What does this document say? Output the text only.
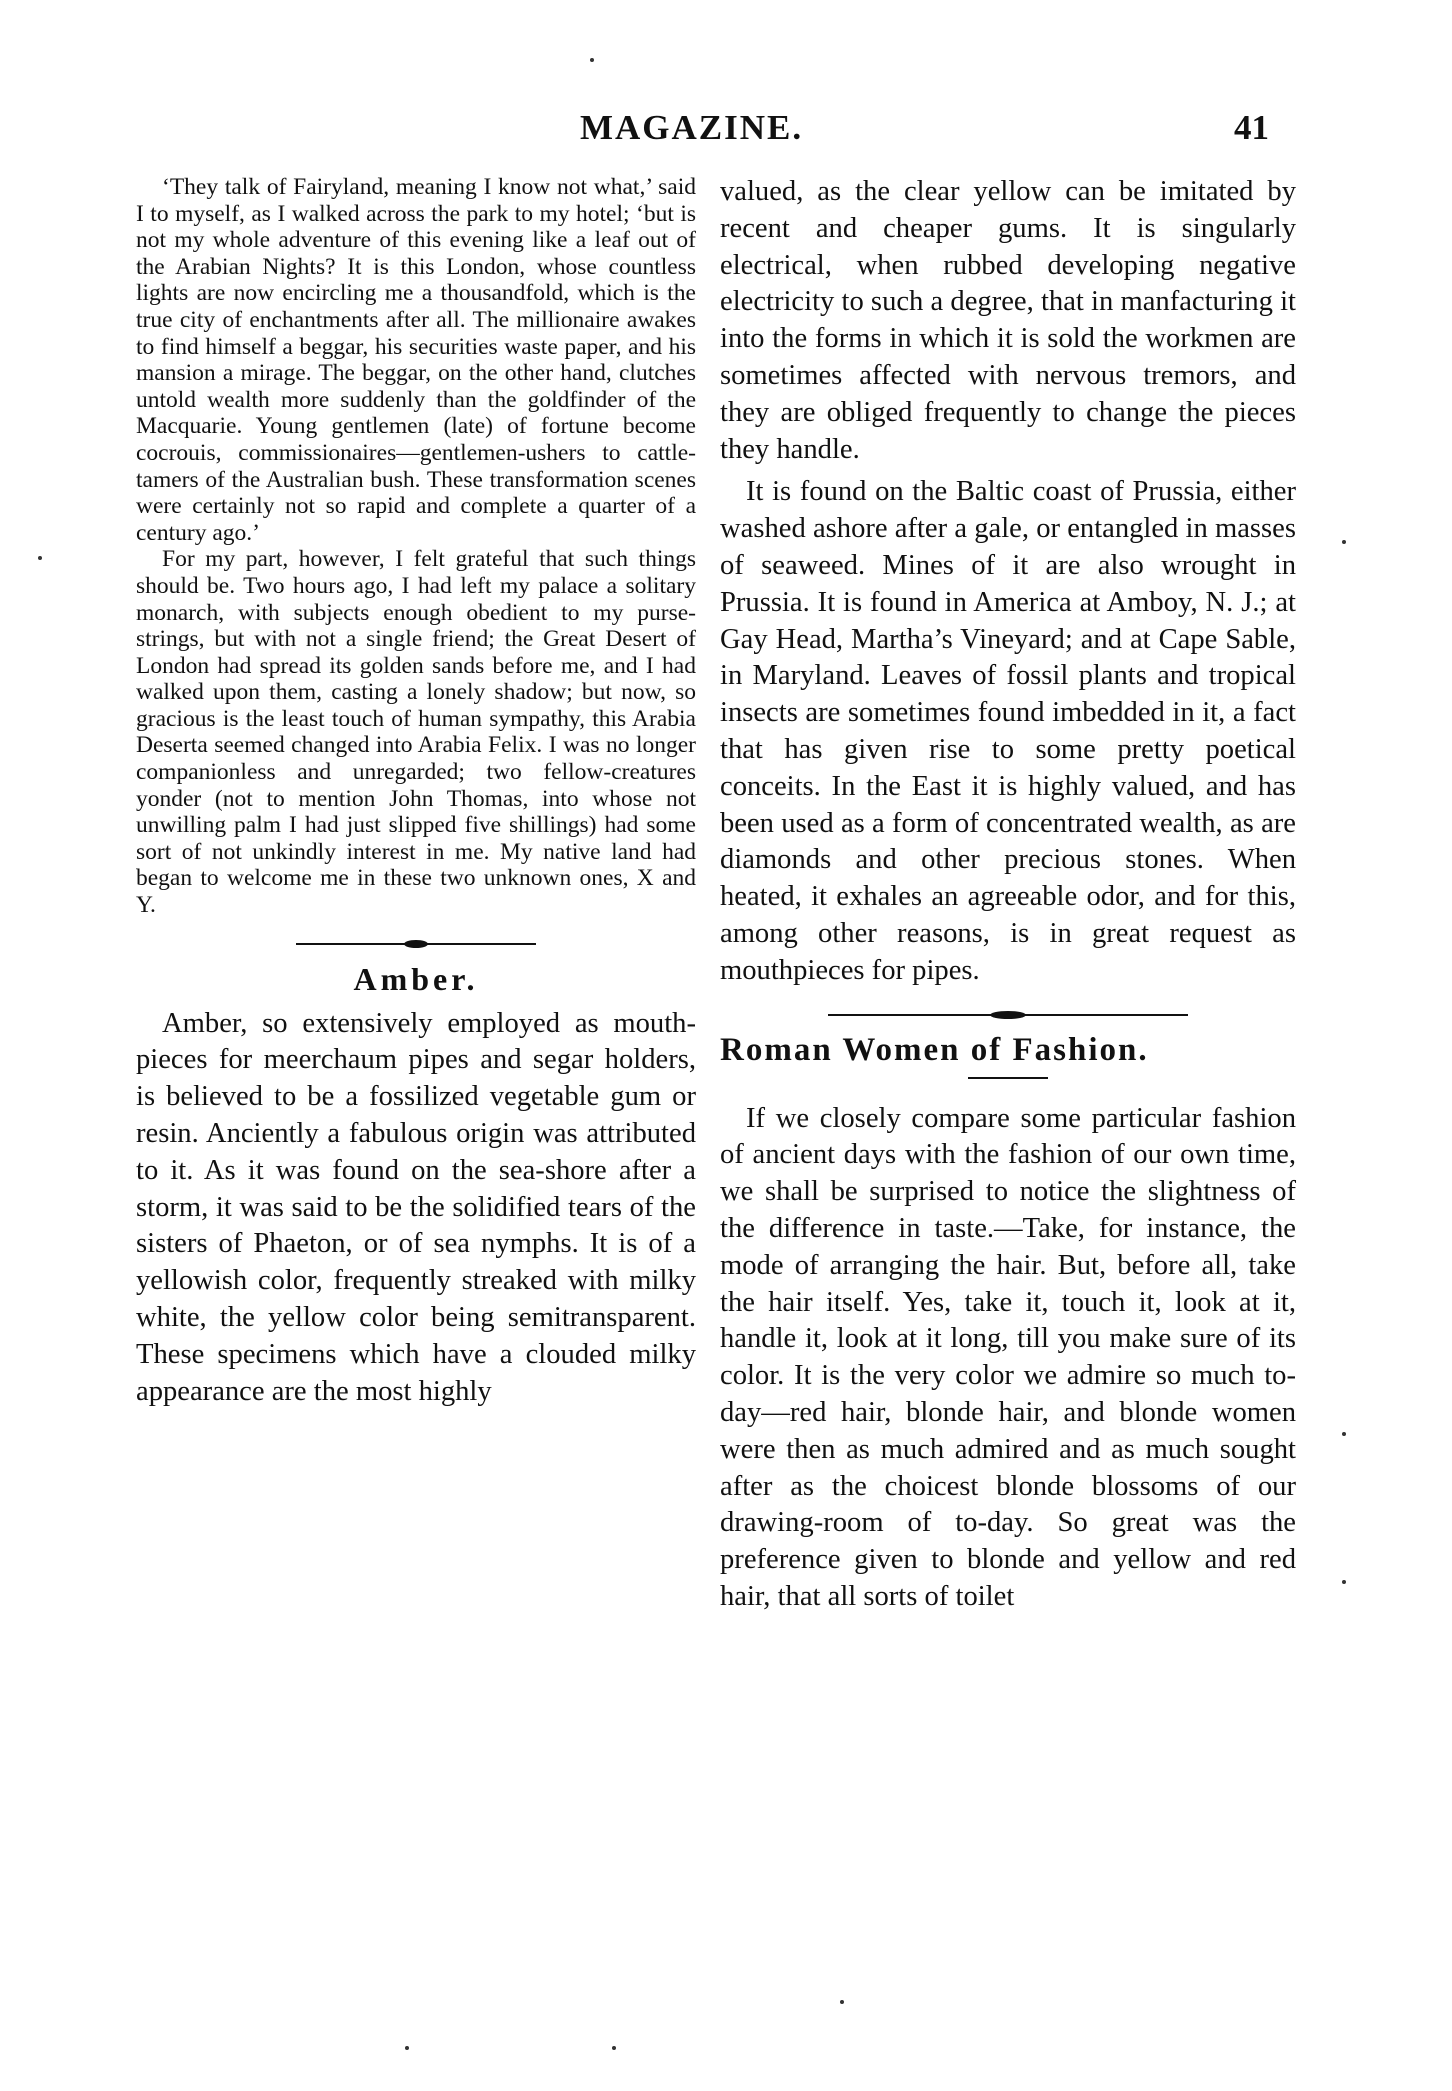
MAGAZINE.	41

‘They talk of Fairyland, meaning I know not what,’ said I to myself, as I walked across the park to my hotel; ‘but is not my whole adventure of this evening like a leaf out of the Arabian Nights? It is this London, whose countless lights are now encircling me a thousandfold, which is the true city of enchantments after all. The millionaire awakes to find himself a beggar, his securities waste paper, and his mansion a mirage. The beggar, on the other hand, clutches untold wealth more suddenly than the goldfinder of the Macquarie. Young gentlemen (late) of fortune become cocrouis, commissionaires—gentlemen-ushers to cattle-tamers of the Australian bush. These transformation scenes were certainly not so rapid and complete a quarter of a century ago.’

For my part, however, I felt grateful that such things should be. Two hours ago, I had left my palace a solitary monarch, with subjects enough obedient to my purse-strings, but with not a single friend; the Great Desert of London had spread its golden sands before me, and I had walked upon them, casting a lonely shadow; but now, so gracious is the least touch of human sympathy, this Arabia Deserta seemed changed into Arabia Felix. I was no longer companionless and unregarded; two fellow-creatures yonder (not to mention John Thomas, into whose not unwilling palm I had just slipped five shillings) had some sort of not unkindly interest in me. My native land had began to welcome me in these two unknown ones, X and Y.

Amber.

Amber, so extensively employed as mouth-pieces for meerchaum pipes and segar holders, is believed to be a fossilized vegetable gum or resin. Anciently a fabulous origin was attributed to it. As it was found on the sea-shore after a storm, it was said to be the solidified tears of the sisters of Phaeton, or of sea nymphs. It is of a yellowish color, frequently streaked with milky white, the yellow color being semitransparent. These specimens which have a clouded milky appearance are the most highly

valued, as the clear yellow can be imitated by recent and cheaper gums. It is singularly electrical, when rubbed developing negative electricity to such a degree, that in manfacturing it into the forms in which it is sold the workmen are sometimes affected with nervous tremors, and they are obliged frequently to change the pieces they handle.

It is found on the Baltic coast of Prussia, either washed ashore after a gale, or entangled in masses of seaweed. Mines of it are also wrought in Prussia. It is found in America at Amboy, N. J.; at Gay Head, Martha’s Vineyard; and at Cape Sable, in Maryland. Leaves of fossil plants and tropical insects are sometimes found imbedded in it, a fact that has given rise to some pretty poetical conceits. In the East it is highly valued, and has been used as a form of concentrated wealth, as are diamonds and other precious stones. When heated, it exhales an agreeable odor, and for this, among other reasons, is in great request as mouthpieces for pipes.

Roman Women of Fashion.

If we closely compare some particular fashion of ancient days with the fashion of our own time, we shall be surprised to notice the slightness of the difference in taste.—Take, for instance, the mode of arranging the hair. But, before all, take the hair itself. Yes, take it, touch it, look at it, handle it, look at it long, till you make sure of its color. It is the very color we admire so much to-day—red hair, blonde hair, and blonde women were then as much admired and as much sought after as the choicest blonde blossoms of our drawing-room of to-day. So great was the preference given to blonde and yellow and red hair, that all sorts of toilet
